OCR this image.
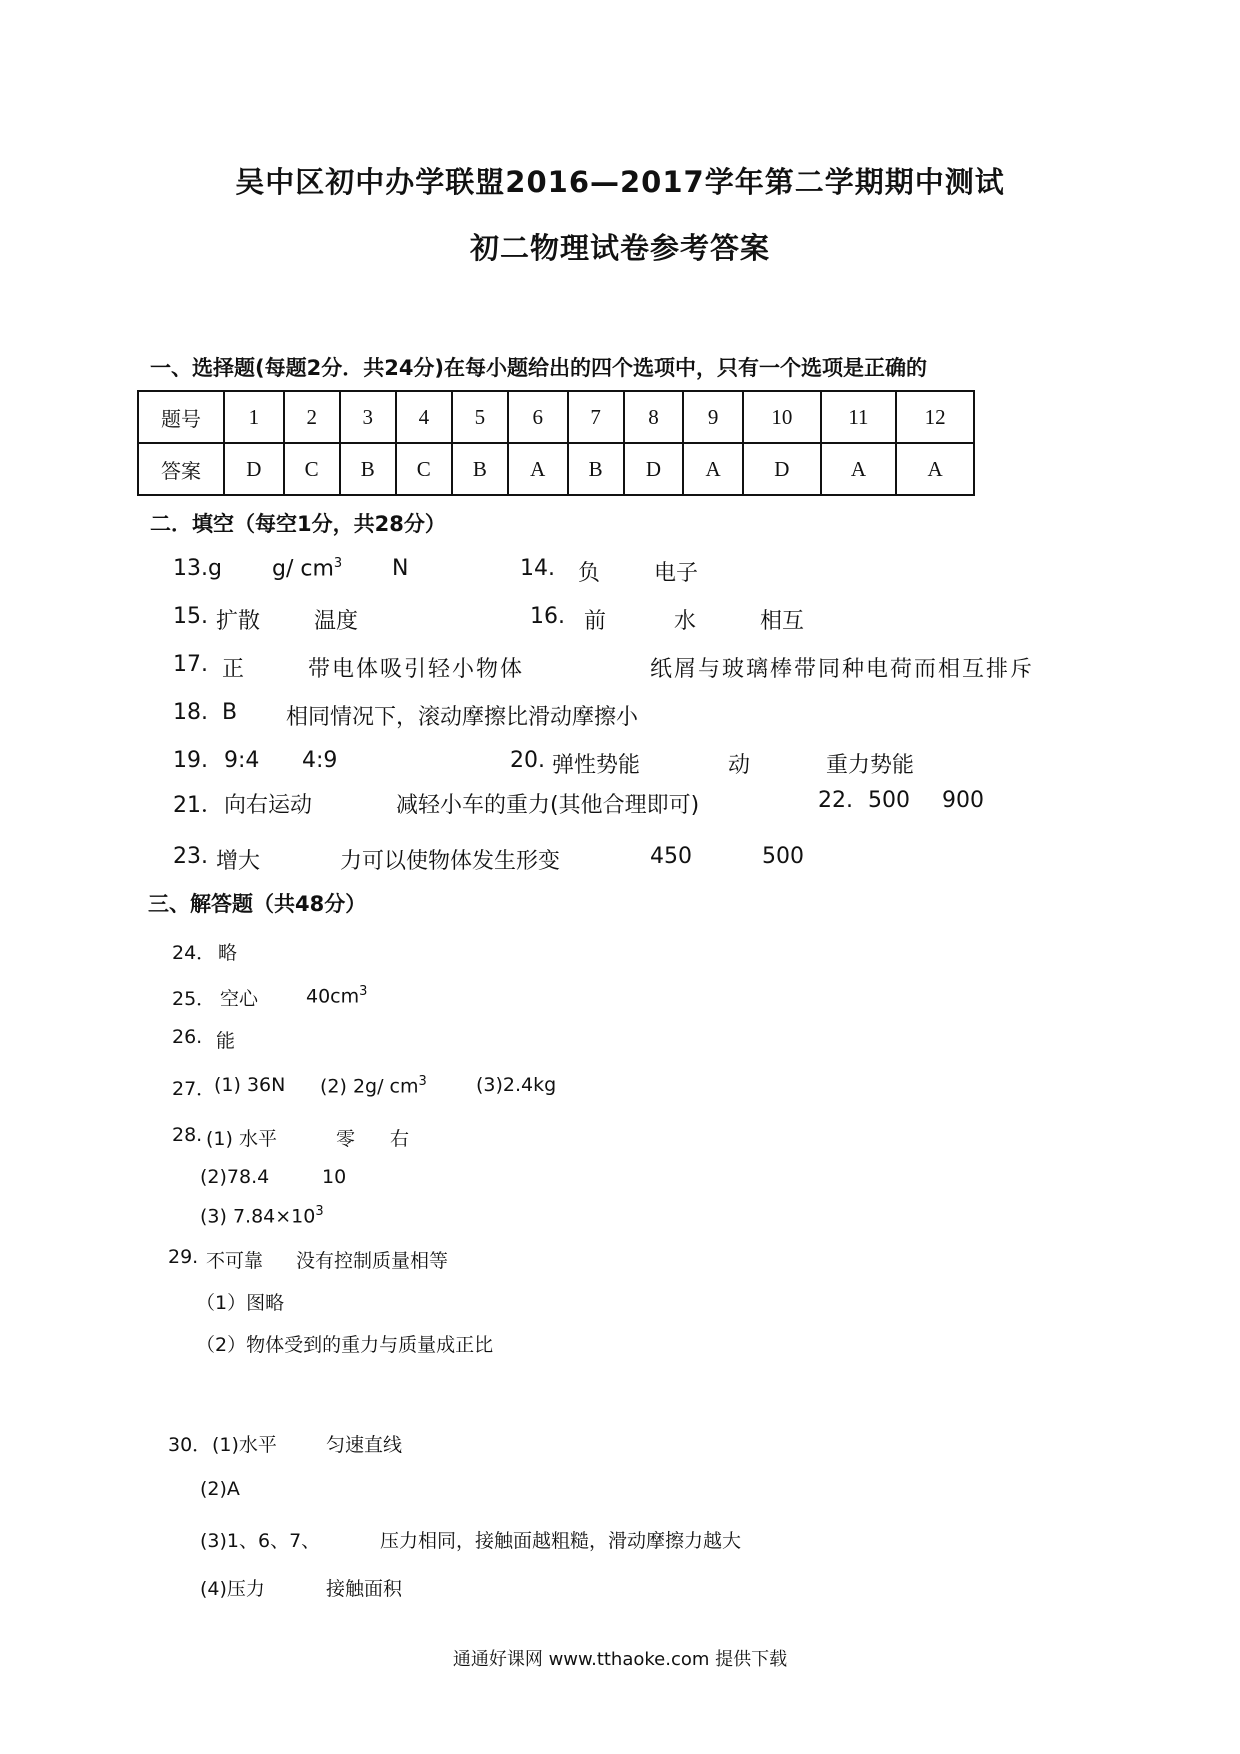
吴中区初中办学联盟2016—2017学年第二学期期中测试
初二物理试卷参考答案
一、选择题(每题2分．共24分)在每小题给出的四个选项中，只有一个选项是正确的
题号	1	2	3	4	5	6	7	8	9	10	11	12
答案	D	C	B	C	B	A	B	D	A	D	A	A
二．填空（每空1分，共28分）
13. g g/ $cm^3$ N	14. 负 电子
15. 扩散 温度	16. 前	水	相互
17. 正	带电体吸引轻小物体	纸屑与玻璃棒带同种电荷而相互排斥
18. B 相同情况下，滚动摩擦比滑动摩擦小
19. 9:4 4:9	20. 弹性势能	动	重力势能
21． 向右运动	减轻小车的重力(其他合理即可)	22. 500 900
23. 增大	力可以使物体发生形变	450	500
三、解答题（共48分）
24． 略
25． 空心	$40cm^3$
26. 能
27．
(1) 36N (2) 2g/ $cm^3$	(3)2.4kg
28. (1) 水平	零 右
(2)78.4	10
(3) $7.84\times 10^3$
29. 不可靠 没有控制质量相等
（1）图略
（2）物体受到的重力与质量成正比
30． (1)水平	匀速直线
(2)A
(3)1、6、7、	压力相同，接触面越粗糙，滑动摩擦力越大
(4)压力	接触面积
通通好课网 www.tthaoke.com 提供下载
